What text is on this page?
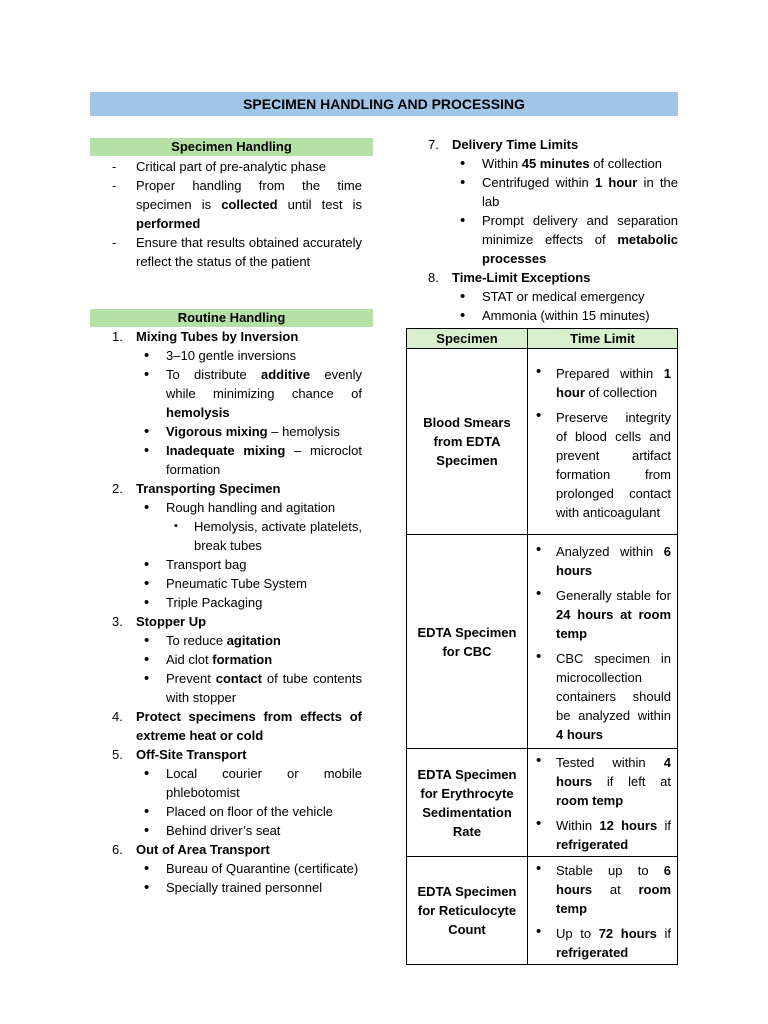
SPECIMEN HANDLING AND PROCESSING
Specimen Handling
- Critical part of pre-analytic phase
- Proper handling from the time specimen is collected until test is performed
- Ensure that results obtained accurately reflect the status of the patient
Routine Handling
1. Mixing Tubes by Inversion
• 3–10 gentle inversions
• To distribute additive evenly while minimizing chance of hemolysis
• Vigorous mixing – hemolysis
• Inadequate mixing – microclot formation
2. Transporting Specimen
• Rough handling and agitation
▪ Hemolysis, activate platelets, break tubes
• Transport bag
• Pneumatic Tube System
• Triple Packaging
3. Stopper Up
• To reduce agitation
• Aid clot formation
• Prevent contact of tube contents with stopper
4. Protect specimens from effects of extreme heat or cold
5. Off-Site Transport
• Local courier or mobile phlebotomist
• Placed on floor of the vehicle
• Behind driver’s seat
6. Out of Area Transport
• Bureau of Quarantine (certificate)
• Specially trained personnel
7. Delivery Time Limits
• Within 45 minutes of collection
• Centrifuged within 1 hour in the lab
• Prompt delivery and separation minimize effects of metabolic processes
8. Time-Limit Exceptions
• STAT or medical emergency
• Ammonia (within 15 minutes)
Specimen	Time Limit
Blood Smears from EDTA Specimen	• Prepared within 1 hour of collection
• Preserve integrity of blood cells and prevent artifact formation from prolonged contact with anticoagulant

EDTA Specimen for CBC	• Analyzed within 6 hours
• Generally stable for 24 hours at room temp
• CBC specimen in microcollection containers should be analyzed within 4 hours

EDTA Specimen for Erythrocyte Sedimentation Rate	• Tested within 4 hours if left at room temp
• Within 12 hours if refrigerated

EDTA Specimen for Reticulocyte Count	• Stable up to 6 hours at room temp
• Up to 72 hours if refrigerated
